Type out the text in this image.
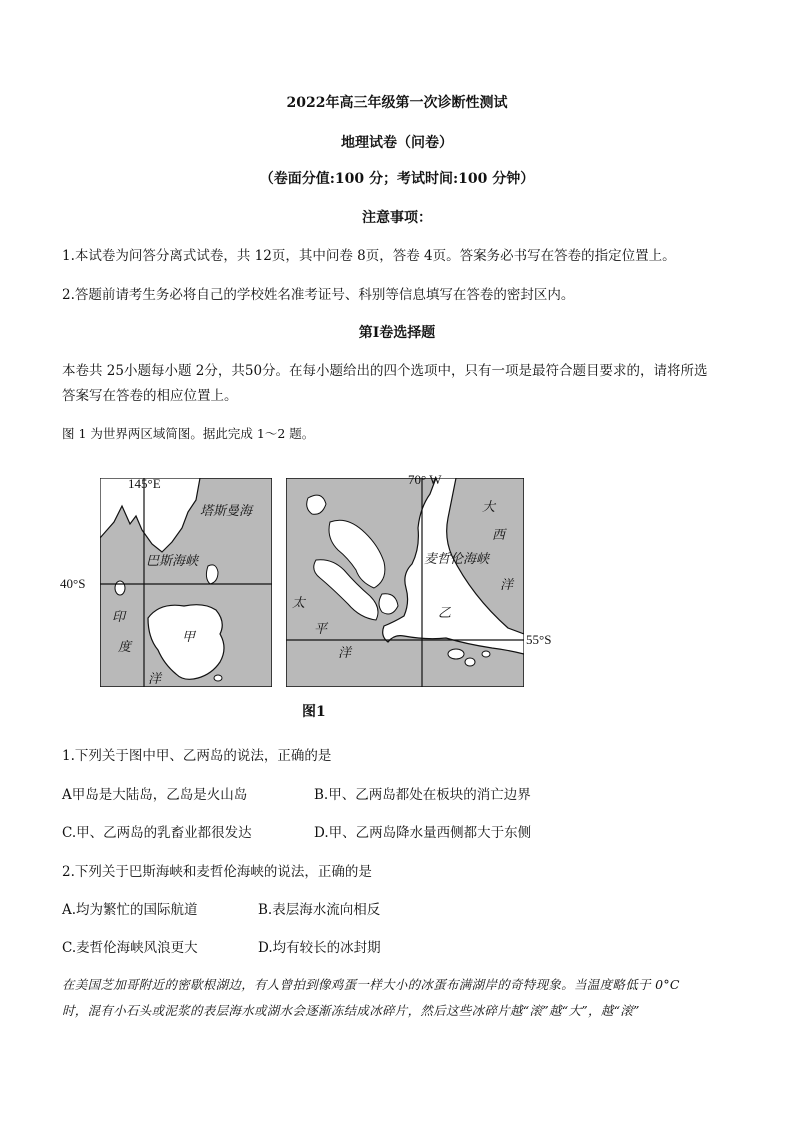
2022年高三年级第一次诊断性测试
地理试卷（问卷）
（卷面分值:100 分；考试时间:100 分钟）
注意事项：
1.本试卷为问答分离式试卷，共 12页，其中问卷 8页，答卷 4页。答案务必书写在答卷的指定位置上。
2.答题前请考生务必将自己的学校姓名准考证号、科别等信息填写在答卷的密封区内。
第Ⅰ卷选择题
本卷共 25小题每小题 2分，共50分。在每小题给出的四个选项中，只有一项是最符合题目要求的，请将所选
答案写在答卷的相应位置上。
图 1 为世界两区域简图。据此完成 1～2 题。
塔斯曼海
巴斯海峡
甲
印
度
洋
145°E
40°S
大
西
洋
麦哲伦海峡
太
平
洋
乙
70° W
55°S
图1
1.下列关于图中甲、乙两岛的说法，正确的是
A甲岛是大陆岛，乙岛是火山岛	B.甲、乙两岛都处在板块的消亡边界
C.甲、乙两岛的乳畜业都很发达	D.甲、乙两岛降水量西侧都大于东侧
2.下列关于巴斯海峡和麦哲伦海峡的说法，正确的是
A.均为繁忙的国际航道	B.表层海水流向相反
C.麦哲伦海峡风浪更大	D.均有较长的冰封期
在美国芝加哥附近的密歇根湖边，有人曾拍到像鸡蛋一样大小的冰蛋布满湖岸的奇特现象。当温度略低于 0°C
时，混有小石头或泥浆的表层海水或湖水会逐渐冻结成冰碎片，然后这些冰碎片越“滚”越“大”，越“滚”
